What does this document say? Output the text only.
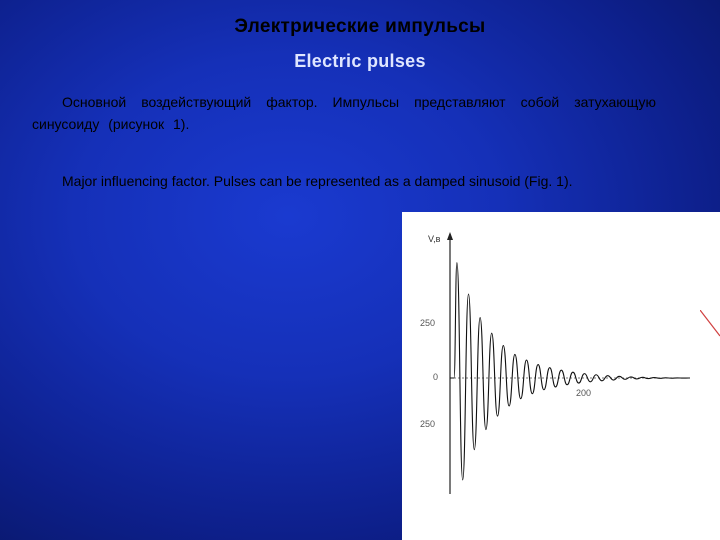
Электрические импульсы
Electric pulses
Основной воздействующий фактор. Импульсы представляют собой затухающую синусоиду (рисунок 1).
Major influencing factor. Pulses can be represented as a damped sinusoid (Fig. 1).
V,в
250
0
250
200
